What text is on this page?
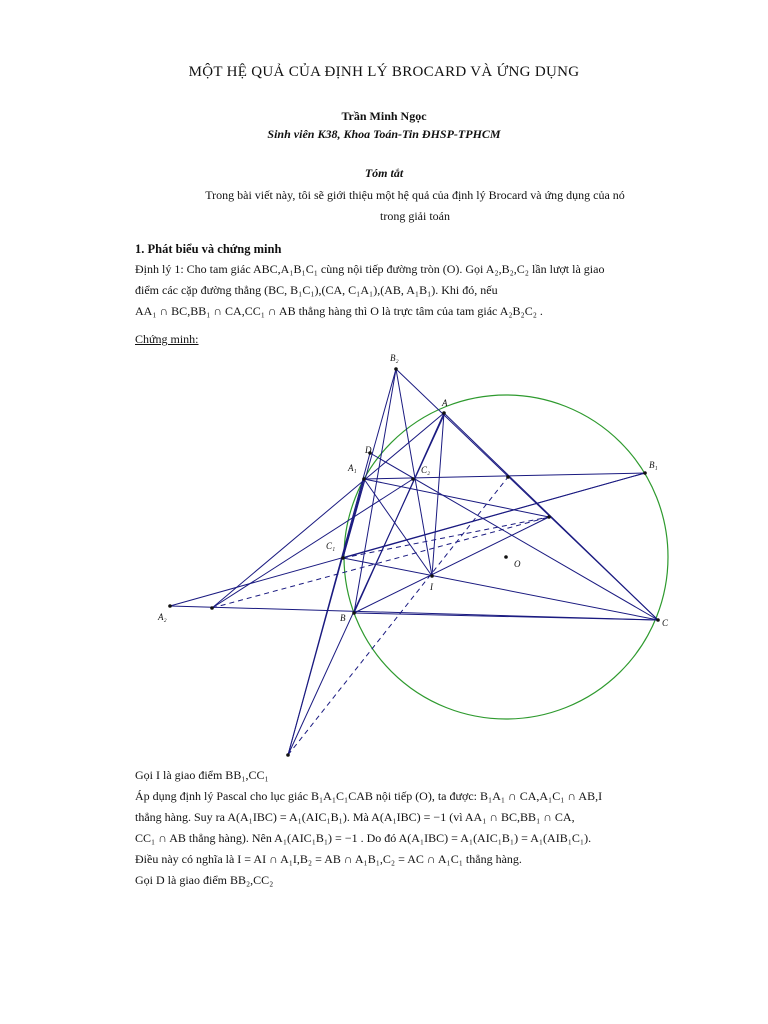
MỘT HỆ QUẢ CỦA ĐỊNH LÝ BROCARD VÀ ỨNG DỤNG
Trần Minh Ngọc
Sinh viên K38, Khoa Toán-Tin ĐHSP-TPHCM
Tóm tắt
Trong bài viết này, tôi sẽ giới thiệu một hệ quả của định lý Brocard và ứng dụng của nó
trong giải toán
1. Phát biểu và chứng minh
Định lý 1: Cho tam giác ABC,A₁B₁C₁ cùng nội tiếp đường tròn (O). Gọi A₂,B₂,C₂ lần lượt là giao
điểm các cặp đường thẳng (BC, B₁C₁),(CA, C₁A₁),(AB, A₁B₁). Khi đó, nếu
AA₁ ∩ BC,BB₁ ∩ CA,CC₁ ∩ AB thẳng hàng thì O là trực tâm của tam giác A₂B₂C₂ .
Chứng minh:
B₂
A
D
A₁	C₂	B₁
C₁
O
I
A₂	B	C
Gọi I là giao điểm BB₁,CC₁
Áp dụng định lý Pascal cho lục giác B₁A₁C₁CAB nội tiếp (O), ta được: B₁A₁ ∩ CA,A₁C₁ ∩ AB,I
thẳng hàng. Suy ra A(A₁IBC) = A₁(AIC₁B₁). Mà A(A₁IBC) = −1 (vì AA₁ ∩ BC,BB₁ ∩ CA,
CC₁ ∩ AB thẳng hàng). Nên A₁(AIC₁B₁) = −1 . Do đó A(A₁IBC) = A₁(AIC₁B₁) = A₁(AIB₁C₁).
Điều này có nghĩa là I = AI ∩ A₁I,B₂ = AB ∩ A₁B₁,C₂ = AC ∩ A₁C₁ thẳng hàng.
Gọi D là giao điểm BB₂,CC₂
